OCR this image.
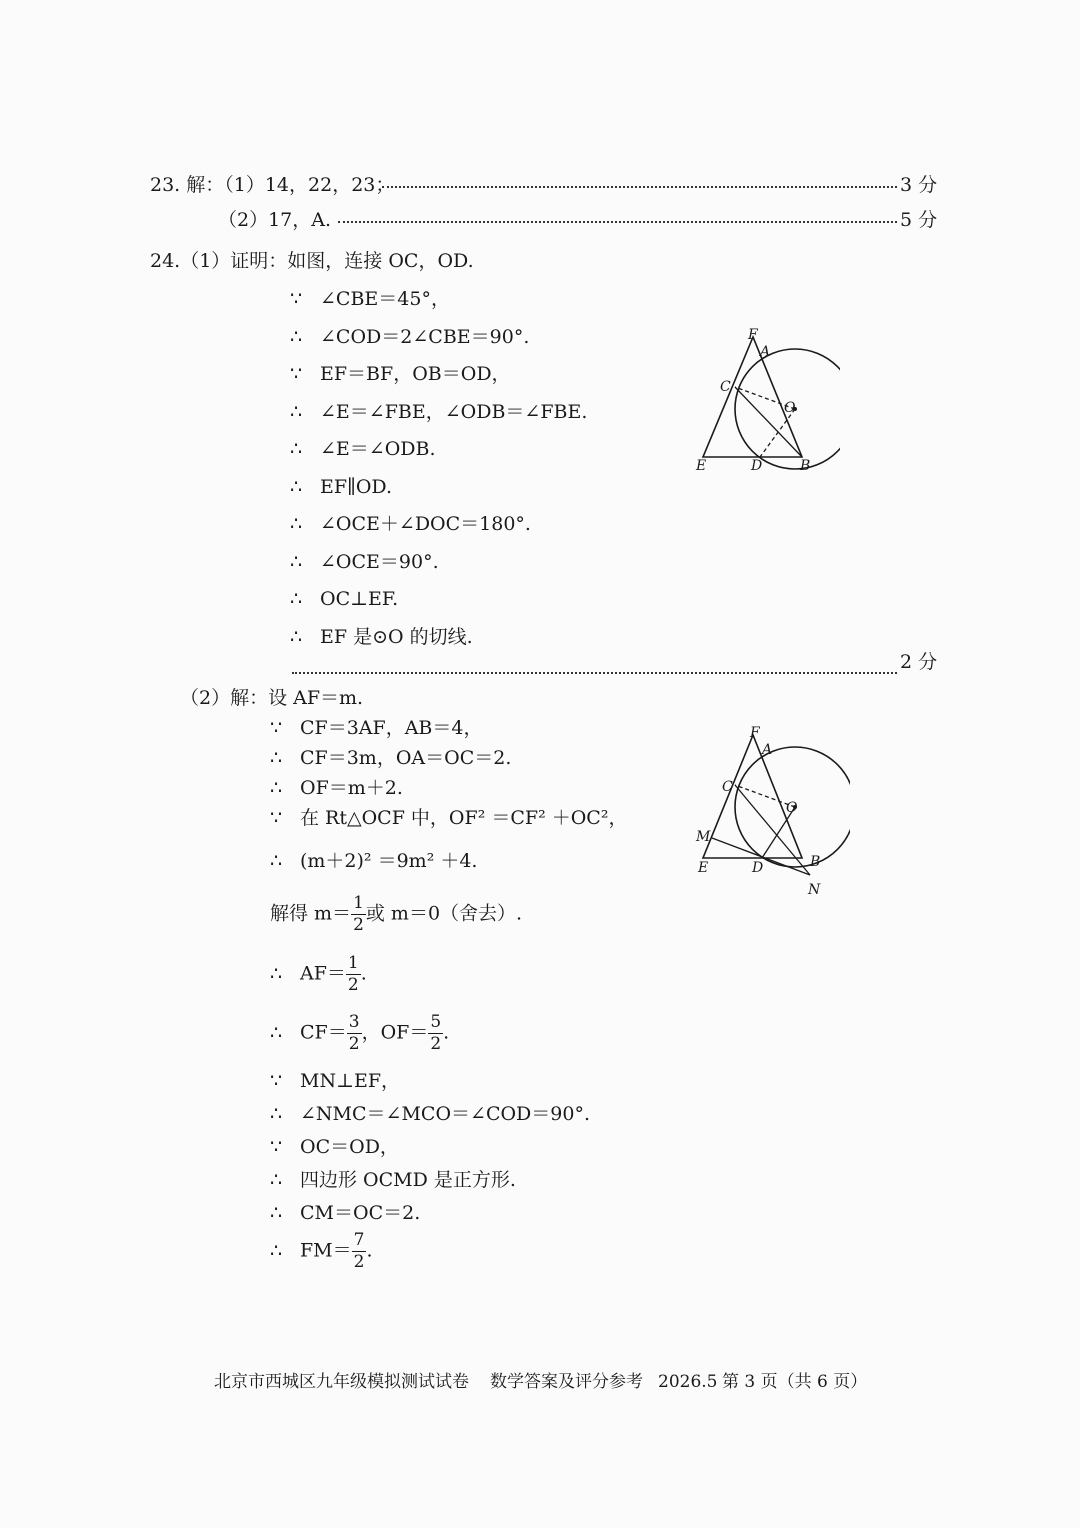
23. 解：（1）14，22，23；	3 分
（2）17，A.	5 分
24.（1）证明：如图，连接 OC，OD.
∵ ∠CBE＝45°，
∴ ∠COD＝2∠CBE＝90°.
∵ EF＝BF，OB＝OD，
∴ ∠E＝∠FBE，∠ODB＝∠FBE.
∴ ∠E＝∠ODB.
∴ EF∥OD.
∴ ∠OCE＋∠DOC＝180°.
∴ ∠OCE＝90°.
∴ OC⊥EF.
∴ EF 是⊙O 的切线.
2 分
（2）解：设 AF＝m.
∵ CF＝3AF，AB＝4，
∴ CF＝3m，OA＝OC＝2.
∴ OF＝m＋2.
∵ 在 Rt△OCF 中，OF² ＝CF² ＋OC²，
∴ (m＋2)² ＝9m² ＋4.
解得 $m= \frac{1}{2}$ 或 m＝0（舍去）.
∴ $AF= \frac{1}{2}$ .
∴ $CF= \frac{3}{2}$ ，$OF= \frac{5}{2}$ .
∵ MN⊥EF，
∴ ∠NMC＝∠MCO＝∠COD＝90°.
∵ OC＝OD，
∴ 四边形 OCMD 是正方形.
∴ CM＝OC＝2.
∴ $FM= \frac{7}{2}$ .
F
A
C
O
E	D	B
F
A
C
O
M
E	D	B
N
北京市西城区九年级模拟测试试卷 数学答案及评分参考 2026.5 第 3 页（共 6 页）
